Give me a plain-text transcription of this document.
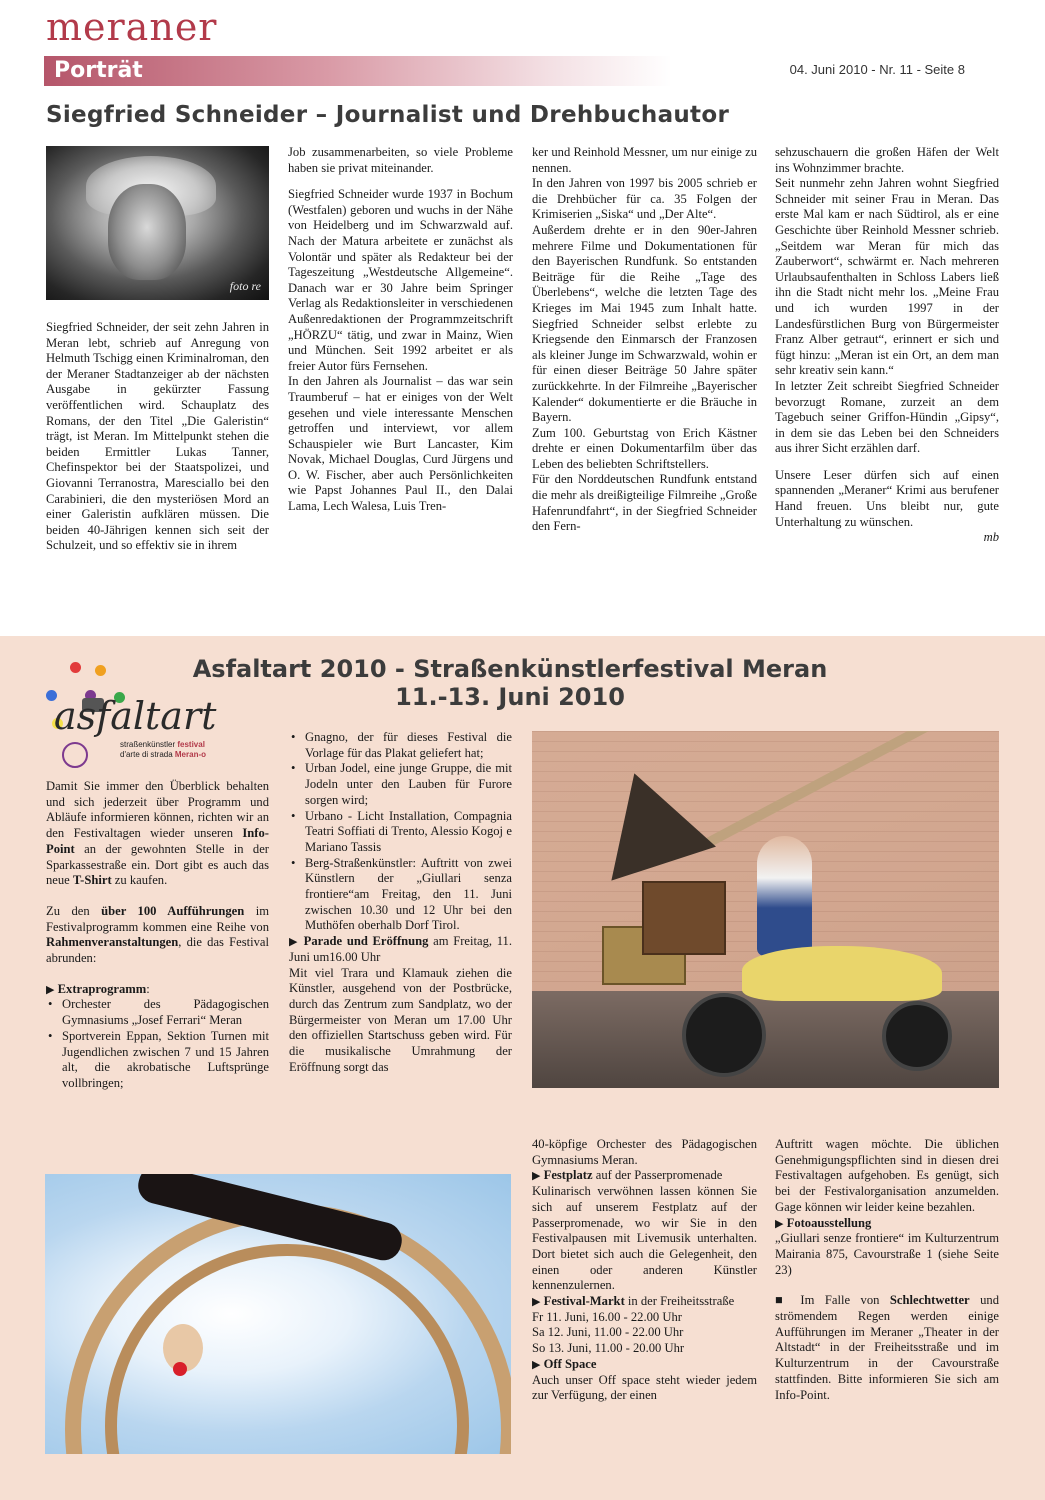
meraner
Porträt	04. Juni 2010 - Nr. 11 - Seite 8
Siegfried Schneider – Journalist und Drehbuchautor
foto re

Siegfried Schneider, der seit zehn Jahren in Meran lebt, schrieb auf Anregung von Helmuth Tschigg einen Kriminalroman, den der Meraner Stadtanzeiger ab der nächsten Ausgabe in gekürzter Fassung veröffentlichen wird. Schauplatz des Romans, der den Titel „Die Galeristin“ trägt, ist Meran. Im Mittelpunkt stehen die beiden Ermittler Lukas Tanner, Chefinspektor bei der Staatspolizei, und Giovanni Terranostra, Maresciallo bei den Carabinieri, die den mysteriösen Mord an einer Galeristin aufklären müssen. Die beiden 40-Jährigen kennen sich seit der Schulzeit, und so effektiv sie in ihrem

Job zusammenarbeiten, so viele Probleme haben sie privat miteinander.

Siegfried Schneider wurde 1937 in Bochum (Westfalen) geboren und wuchs in der Nähe von Heidelberg und im Schwarzwald auf. Nach der Matura arbeitete er zunächst als Volontär und später als Redakteur bei der Tageszeitung „Westdeutsche Allgemeine“. Danach war er 30 Jahre beim Springer Verlag als Redaktionsleiter in verschiedenen Außenredaktionen der Programmzeitschrift „HÖRZU“ tätig, und zwar in Mainz, Wien und München. Seit 1992 arbeitet er als freier Autor fürs Fernsehen.

In den Jahren als Journalist – das war sein Traumberuf – hat er einiges von der Welt gesehen und viele interessante Menschen getroffen und interviewt, vor allem Schauspieler wie Burt Lancaster, Kim Novak, Michael Douglas, Curd Jürgens und O. W. Fischer, aber auch Persönlichkeiten wie Papst Johannes Paul II., den Dalai Lama, Lech Walesa, Luis Tren-

ker und Reinhold Messner, um nur einige zu nennen.

In den Jahren von 1997 bis 2005 schrieb er die Drehbücher für ca. 35 Folgen der Krimiserien „Siska“ und „Der Alte“.

Außerdem drehte er in den 90er-Jahren mehrere Filme und Dokumentationen für den Bayerischen Rundfunk. So entstanden Beiträge für die Reihe „Tage des Überlebens“, welche die letzten Tage des Krieges im Mai 1945 zum Inhalt hatte. Siegfried Schneider selbst erlebte zu Kriegsende den Einmarsch der Franzosen als kleiner Junge im Schwarzwald, wohin er für einen dieser Beiträge 50 Jahre später zurückkehrte. In der Filmreihe „Bayerischer Kalender“ dokumentierte er die Bräuche in Bayern.

Zum 100. Geburtstag von Erich Kästner drehte er einen Dokumentarfilm über das Leben des beliebten Schriftstellers.

Für den Norddeutschen Rundfunk entstand die mehr als dreißigteilige Filmreihe „Große Hafenrundfahrt“, in der Siegfried Schneider den Fern-

sehzuschauern die großen Häfen der Welt ins Wohnzimmer brachte.

Seit nunmehr zehn Jahren wohnt Siegfried Schneider mit seiner Frau in Meran. Das erste Mal kam er nach Südtirol, als er eine Geschichte über Reinhold Messner schrieb. „Seitdem war Meran für mich das Zauberwort“, schwärmt er. Nach mehreren Urlaubsaufenthalten in Schloss Labers ließ ihn die Stadt nicht mehr los. „Meine Frau und ich wurden 1997 in der Landesfürstlichen Burg von Bürgermeister Franz Alber getraut“, erinnert er sich und fügt hinzu: „Meran ist ein Ort, an dem man sehr kreativ sein kann.“

In letzter Zeit schreibt Siegfried Schneider bevorzugt Romane, zurzeit an dem Tagebuch seiner Griffon-Hündin „Gipsy“, in dem sie das Leben bei den Schneiders aus ihrer Sicht erzählen darf.

Unsere Leser dürfen sich auf einen spannenden „Meraner“ Krimi aus berufener Hand freuen. Uns bleibt nur, gute Unterhaltung zu wünschen.
mb

asfaltart
straßenkünstler festival
d'arte di strada Meran-o
Asfaltart 2010 - Straßenkünstlerfestival Meran
11.-13. Juni 2010

Damit Sie immer den Überblick behalten und sich jederzeit über Programm und Abläufe informieren können, richten wir an den Festivaltagen wieder unseren Info-Point an der gewohnten Stelle in der Sparkassestraße ein. Dort gibt es auch das neue T-Shirt zu kaufen.

Zu den über 100 Aufführungen im Festivalprogramm kommen eine Reihe von Rahmenveranstaltungen, die das Festival abrunden:

▶ Extraprogramm:

• Orchester des Pädagogischen Gymnasiums „Josef Ferrari“ Meran
• Sportverein Eppan, Sektion Turnen mit Jugendlichen zwischen 7 und 15 Jahren alt, die akrobatische Luftsprünge vollbringen;
• Gnagno, der für dieses Festival die Vorlage für das Plakat geliefert hat;
• Urban Jodel, eine junge Gruppe, die mit Jodeln unter den Lauben für Furore sorgen wird;
• Urbano - Licht Installation, Compagnia Teatri Soffiati di Trento, Alessio Kogoj e Mariano Tassis
• Berg-Straßenkünstler: Auftritt von zwei Künstlern der „Giullari senza frontiere“am Freitag, den 11. Juni zwischen 10.30 und 12 Uhr bei den Muthöfen oberhalb Dorf Tirol.

▶ Parade und Eröffnung am Freitag, 11. Juni um16.00 Uhr

Mit viel Trara und Klamauk ziehen die Künstler, ausgehend von der Postbrücke, durch das Zentrum zum Sandplatz, wo der Bürgermeister von Meran um 17.00 Uhr den offiziellen Startschuss geben wird. Für die musikalische Umrahmung der Eröffnung sorgt das

40-köpfige Orchester des Pädagogischen Gymnasiums Meran.

▶ Festplatz auf der Passerpromenade

Kulinarisch verwöhnen lassen können Sie sich auf unserem Festplatz auf der Passerpromenade, wo wir Sie in den Festivalpausen mit Livemusik unterhalten. Dort bietet sich auch die Gelegenheit, den einen oder anderen Künstler kennenzulernen.

▶ Festival-Markt in der Freiheitsstraße

Fr 11. Juni, 16.00 - 22.00 Uhr

Sa 12. Juni, 11.00 - 22.00 Uhr

So 13. Juni, 11.00 - 20.00 Uhr

▶ Off Space

Auch unser Off space steht wieder jedem zur Verfügung, der einen

Auftritt wagen möchte. Die üblichen Genehmigungspflichten sind in diesen drei Festivaltagen aufgehoben. Es genügt, sich bei der Festivalorganisation anzumelden. Gage können wir leider keine bezahlen.

▶ Fotoausstellung

„Giullari senze frontiere“ im Kulturzentrum Mairania 875, Cavourstraße 1 (siehe Seite 23)

■ Im Falle von Schlechtwetter und strömendem Regen werden einige Aufführungen im Meraner „Theater in der Altstadt“ in der Freiheitsstraße und im Kulturzentrum in der Cavourstraße stattfinden. Bitte informieren Sie sich am Info-Point.
